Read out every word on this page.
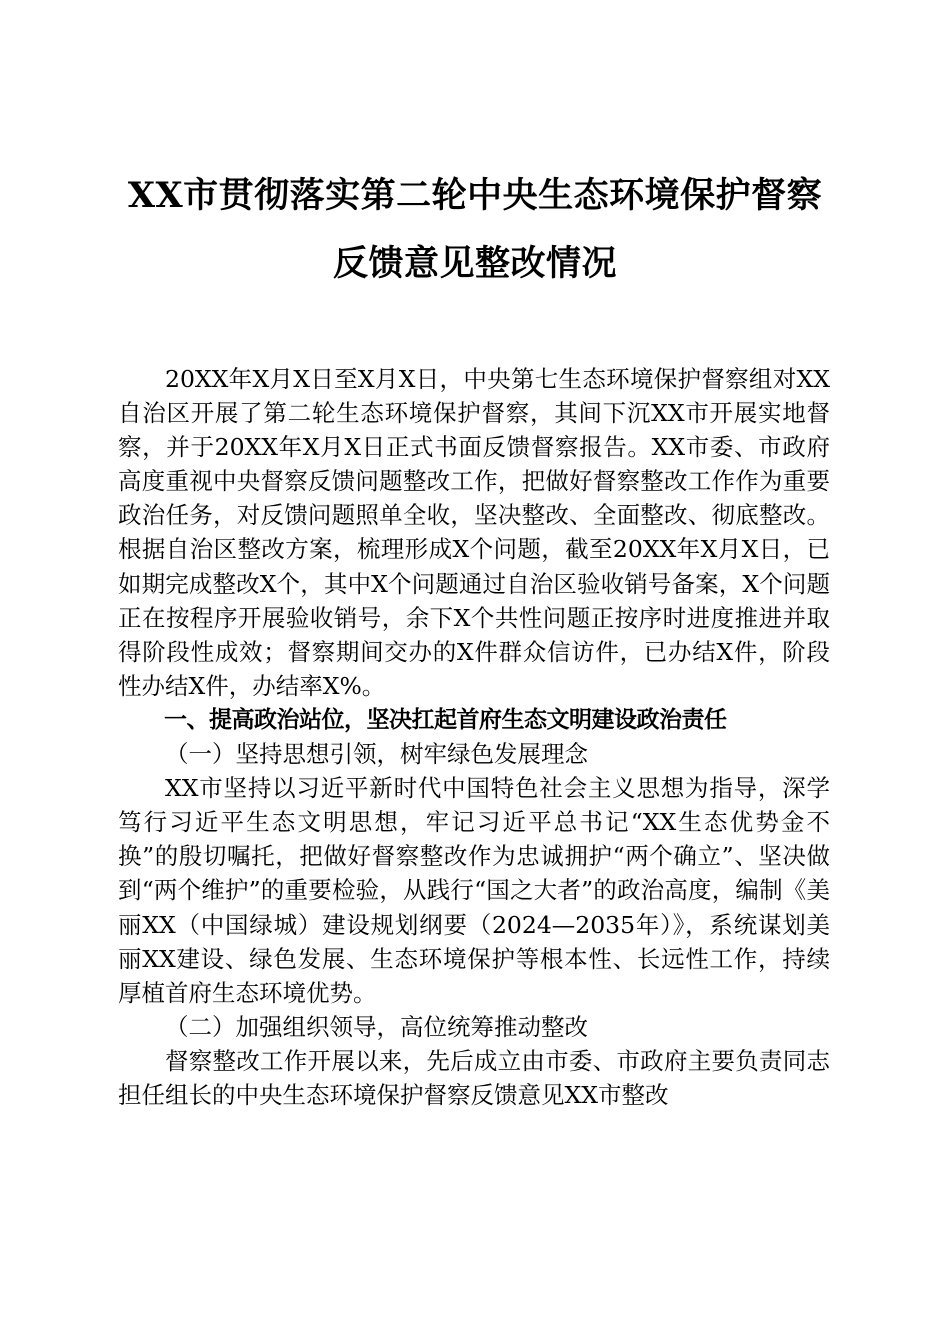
XX市贯彻落实第二轮中央生态环境保护督察
反馈意见整改情况

20XX年X月X日至X月X日，中央第七生态环境保护督察组对XX自治区开展了第二轮生态环境保护督察，其间下沉XX市开展实地督察，并于20XX年X月X日正式书面反馈督察报告。XX市委、市政府高度重视中央督察反馈问题整改工作，把做好督察整改工作作为重要政治任务，对反馈问题照单全收，坚决整改、全面整改、彻底整改。根据自治区整改方案，梳理形成X个问题，截至20XX年X月X日，已如期完成整改X个，其中X个问题通过自治区验收销号备案，X个问题正在按程序开展验收销号，余下X个共性问题正按序时进度推进并取得阶段性成效；督察期间交办的X件群众信访件，已办结X件，阶段性办结X件，办结率X%。

一、提高政治站位，坚决扛起首府生态文明建设政治责任

（一）坚持思想引领，树牢绿色发展理念

XX市坚持以习近平新时代中国特色社会主义思想为指导，深学笃行习近平生态文明思想，牢记习近平总书记“XX生态优势金不换”的殷切嘱托，把做好督察整改作为忠诚拥护“两个确立”、坚决做到“两个维护”的重要检验，从践行“国之大者”的政治高度，编制《美丽XX（中国绿城）建设规划纲要（2024—2035年）》，系统谋划美丽XX建设、绿色发展、生态环境保护等根本性、长远性工作，持续厚植首府生态环境优势。

（二）加强组织领导，高位统筹推动整改

督察整改工作开展以来，先后成立由市委、市政府主要负责同志担任组长的中央生态环境保护督察反馈意见XX市整改
